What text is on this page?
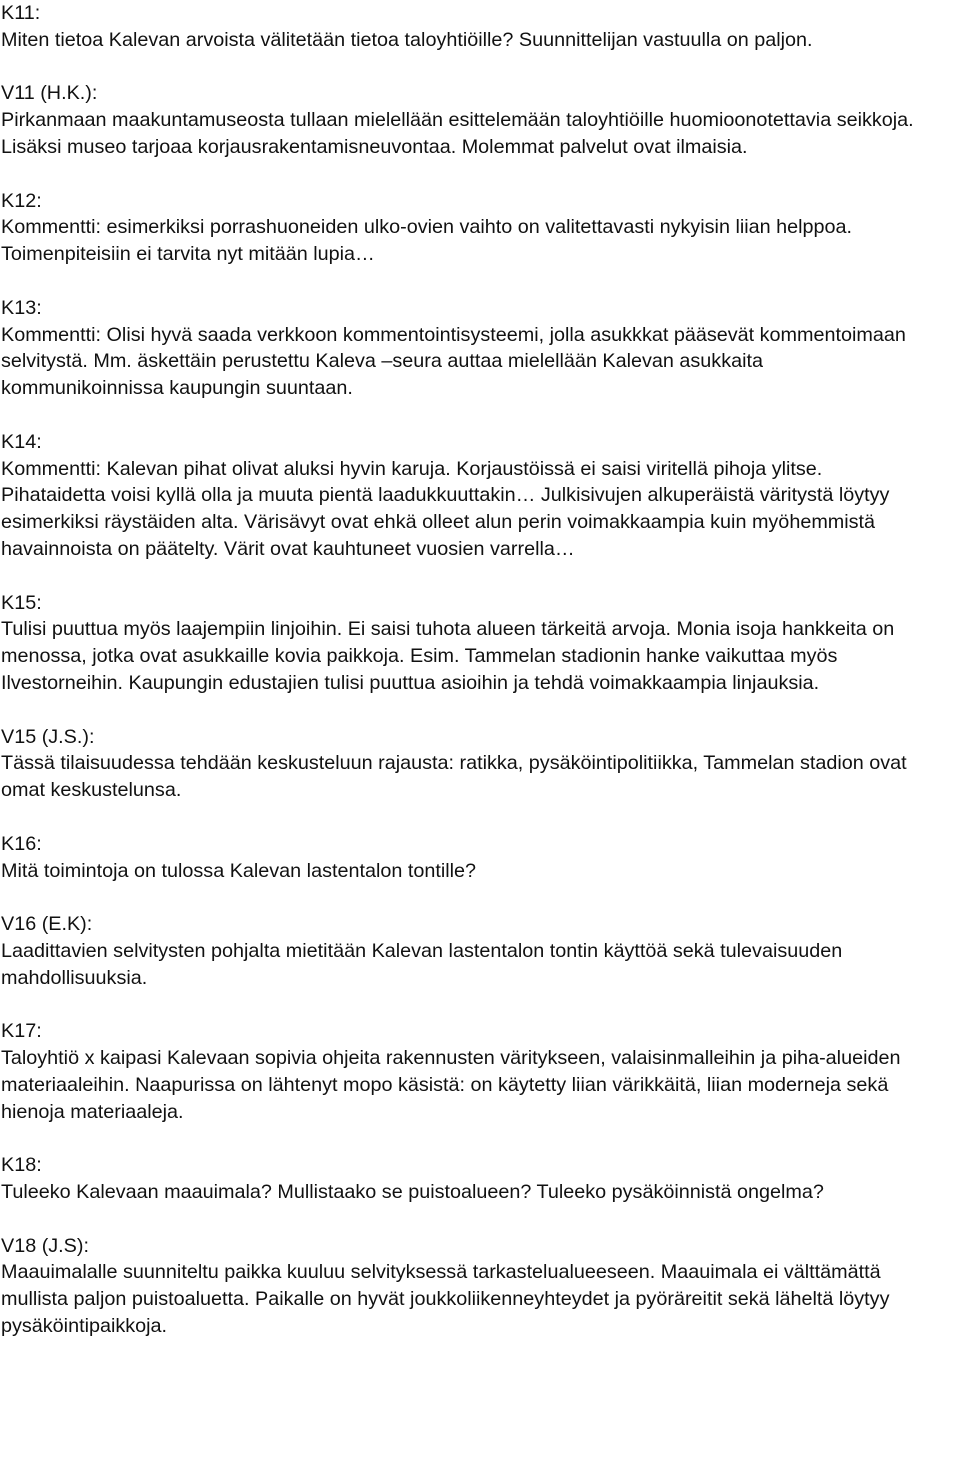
K11:

Miten tietoa Kalevan arvoista välitetään tietoa taloyhtiöille? Suunnittelijan vastuulla on paljon.

V11 (H.K.):

Pirkanmaan maakuntamuseosta tullaan mielellään esittelemään taloyhtiöille huomioonotettavia seikkoja. Lisäksi museo tarjoaa korjausrakentamisneuvontaa. Molemmat palvelut ovat ilmaisia.

K12:

Kommentti: esimerkiksi porrashuoneiden ulko-ovien vaihto on valitettavasti nykyisin liian helppoa. Toimenpiteisiin ei tarvita nyt mitään lupia…

K13:

Kommentti: Olisi hyvä saada verkkoon kommentointisysteemi, jolla asukkkat pääsevät kommentoimaan selvitystä. Mm. äskettäin perustettu Kaleva –seura auttaa mielellään Kalevan asukkaita kommunikoinnissa kaupungin suuntaan.

K14:

Kommentti: Kalevan pihat olivat aluksi hyvin karuja. Korjaustöissä ei saisi viritellä pihoja ylitse. Pihataidetta voisi kyllä olla ja muuta pientä laadukkuuttakin… Julkisivujen alkuperäistä väritystä löytyy esimerkiksi räystäiden alta. Värisävyt ovat ehkä olleet alun perin voimakkaampia kuin myöhemmistä havainnoista on päätelty. Värit ovat kauhtuneet vuosien varrella…

K15:

Tulisi puuttua myös laajempiin linjoihin. Ei saisi tuhota alueen tärkeitä arvoja. Monia isoja hankkeita on menossa, jotka ovat asukkaille kovia paikkoja. Esim. Tammelan stadionin hanke vaikuttaa myös Ilvestorneihin. Kaupungin edustajien tulisi puuttua asioihin ja tehdä voimakkaampia linjauksia.

V15 (J.S.):

Tässä tilaisuudessa tehdään keskusteluun rajausta: ratikka, pysäköintipolitiikka, Tammelan stadion ovat omat keskustelunsa.

K16:

Mitä toimintoja on tulossa Kalevan lastentalon tontille?

V16 (E.K):

Laadittavien selvitysten pohjalta mietitään Kalevan lastentalon tontin käyttöä sekä tulevaisuuden mahdollisuuksia.

K17:

Taloyhtiö x kaipasi Kalevaan sopivia ohjeita rakennusten väritykseen, valaisinmalleihin ja piha-alueiden materiaaleihin. Naapurissa on lähtenyt mopo käsistä: on käytetty liian värikkäitä, liian moderneja sekä hienoja materiaaleja.

K18:

Tuleeko Kalevaan maauimala? Mullistaako se puistoalueen? Tuleeko pysäköinnistä ongelma?

V18 (J.S):

Maauimalalle suunniteltu paikka kuuluu selvityksessä tarkastelualueeseen. Maauimala ei välttämättä mullista paljon puistoaluetta. Paikalle on hyvät joukkoliikenneyhteydet ja pyöräreitit sekä läheltä löytyy pysäköintipaikkoja.
